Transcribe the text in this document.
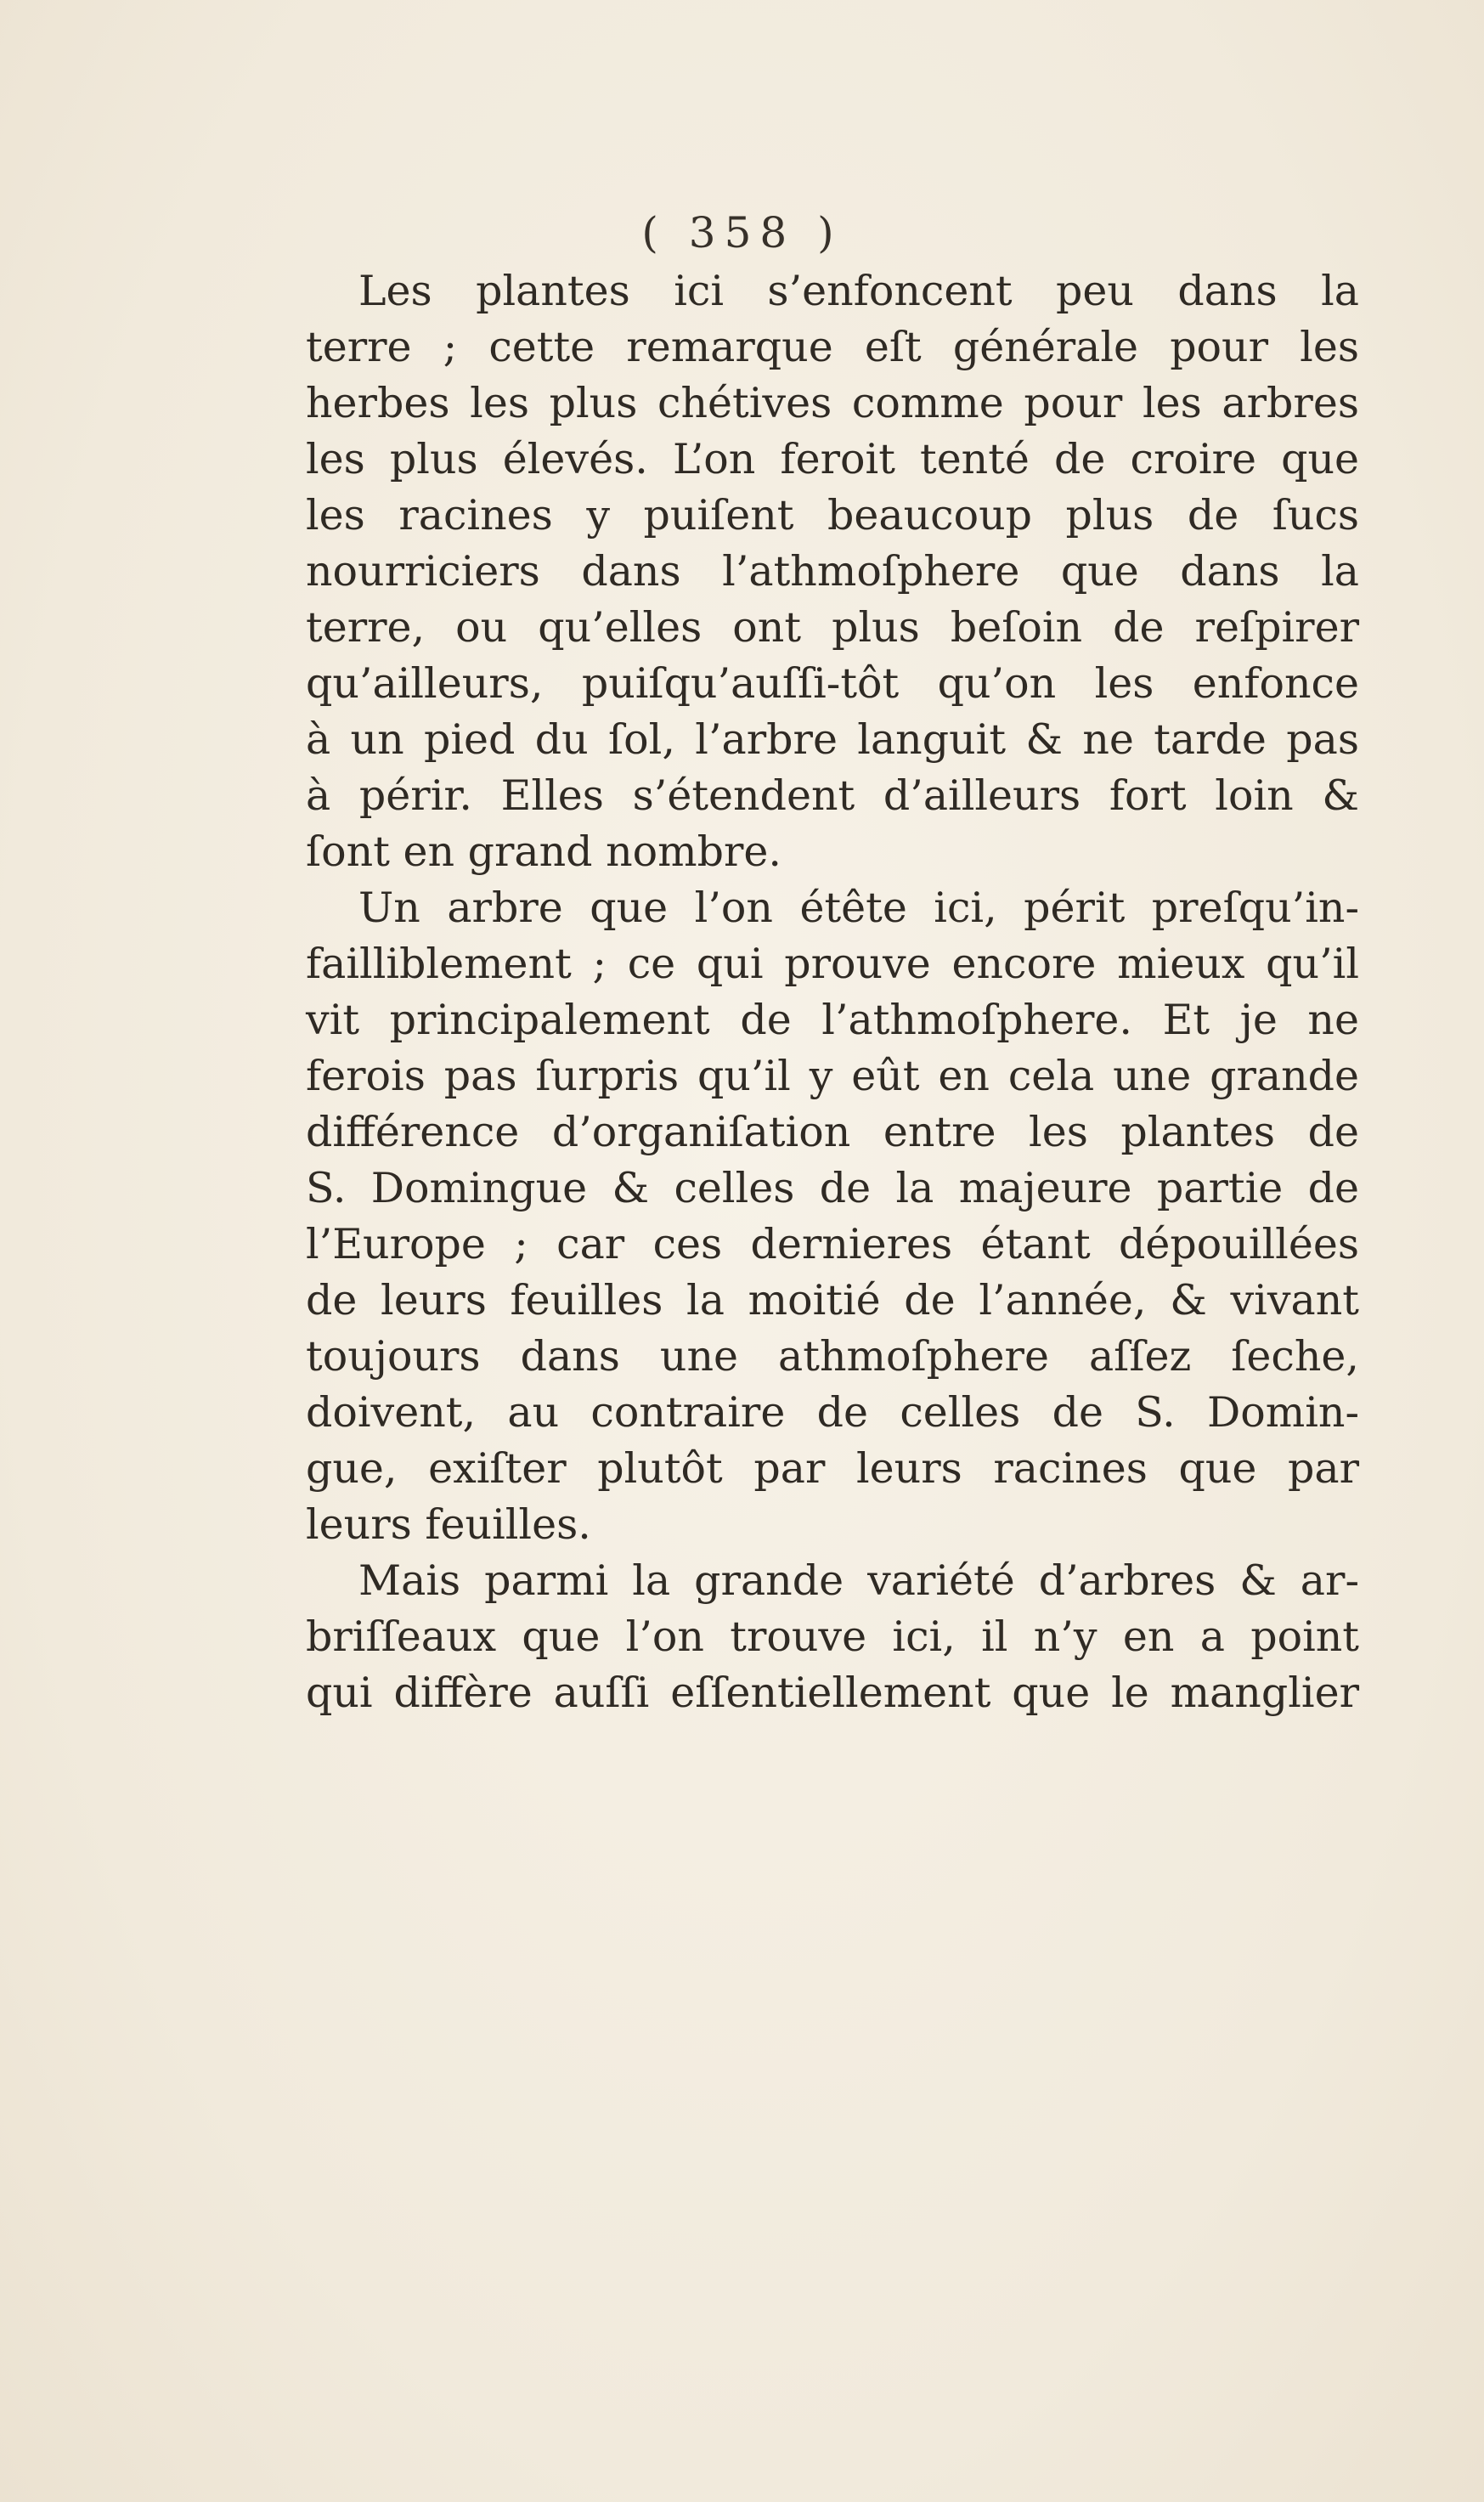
( 358 )
Les plantes ici s’enfoncent peu dans la
terre ; cette remarque eſt générale pour les
herbes les plus chétives comme pour les arbres
les plus élevés. L’on feroit tenté de croire que
les racines y puiſent beaucoup plus de ſucs
nourriciers dans l’athmoſphere que dans la
terre, ou qu’elles ont plus beſoin de reſpirer
qu’ailleurs, puiſqu’auſſi-tôt qu’on les enfonce
à un pied du ſol, l’arbre languit & ne tarde pas
à périr. Elles s’étendent d’ailleurs fort loin &
ſont en grand nombre.
Un arbre que l’on étête ici, périt preſqu’in-
failliblement ; ce qui prouve encore mieux qu’il
vit principalement de l’athmoſphere. Et je ne
ferois pas ſurpris qu’il y eût en cela une grande
différence d’organiſation entre les plantes de
S. Domingue & celles de la majeure partie de
l’Europe ; car ces dernieres étant dépouillées
de leurs feuilles la moitié de l’année, & vivant
toujours dans une athmoſphere aſſez ſeche,
doivent, au contraire de celles de S. Domin-
gue, exiſter plutôt par leurs racines que par
leurs feuilles.
Mais parmi la grande variété d’arbres & ar-
briſſeaux que l’on trouve ici, il n’y en a point
qui diffère auſſi eſſentiellement que le manglier
